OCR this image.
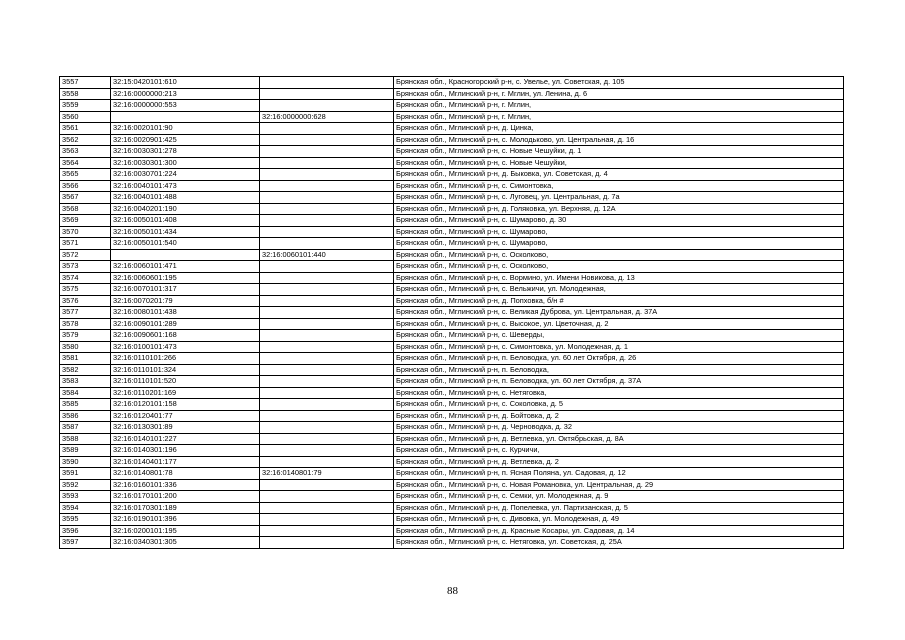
3557	32:15:0420101:610		Брянская обл., Красногорский р-н, с. Увелье, ул. Советская, д. 105
3558	32:16:0000000:213		Брянская обл., Мглинский р-н, г. Мглин, ул. Ленина, д. 6
3559	32:16:0000000:553		Брянская обл., Мглинский р-н, г. Мглин,
3560		32:16:0000000:628	Брянская обл., Мглинский р-н, г. Мглин,
3561	32:16:0020101:90		Брянская обл., Мглинский р-н, д. Цинка,
3562	32:16:0020901:425		Брянская обл., Мглинский р-н, с. Молодьково, ул. Центральная, д. 16
3563	32:16:0030301:278		Брянская обл., Мглинский р-н, с. Новые Чешуйки, д. 1
3564	32:16:0030301:300		Брянская обл., Мглинский р-н, с. Новые Чешуйки,
3565	32:16:0030701:224		Брянская обл., Мглинский р-н, д. Быковка, ул. Советская, д. 4
3566	32:16:0040101:473		Брянская обл., Мглинский р-н, с. Симонтовка,
3567	32:16:0040101:488		Брянская обл., Мглинский р-н, с. Луговец, ул. Центральная, д. 7а
3568	32:16:0040201:190		Брянская обл., Мглинский р-н, д. Голяковка, ул. Верхняя, д. 12А
3569	32:16:0050101:408		Брянская обл., Мглинский р-н, с. Шумарово, д. 30
3570	32:16:0050101:434		Брянская обл., Мглинский р-н, с. Шумарово,
3571	32:16:0050101:540		Брянская обл., Мглинский р-н, с. Шумарово,
3572		32:16:0060101:440	Брянская обл., Мглинский р-н, с. Осколково,
3573	32:16:0060101:471		Брянская обл., Мглинский р-н, с. Осколково,
3574	32:16:0060601:195		Брянская обл., Мглинский р-н, с. Вормино, ул. Имени Новикова, д. 13
3575	32:16:0070101:317		Брянская обл., Мглинский р-н, с. Вельжичи, ул. Молодежная,
3576	32:16:0070201:79		Брянская обл., Мглинский р-н, д. Попховка, б/н #
3577	32:16:0080101:438		Брянская обл., Мглинский р-н, с. Великая Дуброва, ул. Центральная, д. 37А
3578	32:16:0090101:289		Брянская обл., Мглинский р-н, с. Высокое, ул. Цветочная, д. 2
3579	32:16:0090601:168		Брянская обл., Мглинский р-н, с. Шеверды,
3580	32:16:0100101:473		Брянская обл., Мглинский р-н, с. Симонтовка, ул. Молодежная, д. 1
3581	32:16:0110101:266		Брянская обл., Мглинский р-н, п. Беловодка, ул. 60 лет Октября, д. 26
3582	32:16:0110101:324		Брянская обл., Мглинский р-н, п. Беловодка,
3583	32:16:0110101:520		Брянская обл., Мглинский р-н, п. Беловодка, ул. 60 лет Октября, д. 37А
3584	32:16:0110201:169		Брянская обл., Мглинский р-н, с. Нетяговка,
3585	32:16:0120101:158		Брянская обл., Мглинский р-н, с. Соколовка, д. 5
3586	32:16:0120401:77		Брянская обл., Мглинский р-н, д. Бойтовка, д. 2
3587	32:16:0130301:89		Брянская обл., Мглинский р-н, д. Черноводка, д. 32
3588	32:16:0140101:227		Брянская обл., Мглинский р-н, д. Ветлевка, ул. Октябрьская, д. 8А
3589	32:16:0140301:196		Брянская обл., Мглинский р-н, с. Курчичи,
3590	32:16:0140401:177		Брянская обл., Мглинский р-н, д. Ветлевка, д. 2
3591	32:16:0140801:78	32:16:0140801:79	Брянская обл., Мглинский р-н, п. Ясная Поляна, ул. Садовая, д. 12
3592	32:16:0160101:336		Брянская обл., Мглинский р-н, с. Новая Романовка, ул. Центральная, д. 29
3593	32:16:0170101:200		Брянская обл., Мглинский р-н, с. Семки, ул. Молодежная, д. 9
3594	32:16:0170301:189		Брянская обл., Мглинский р-н, д. Попелевка, ул. Партизанская, д. 5
3595	32:16:0190101:396		Брянская обл., Мглинский р-н, с. Дивовка, ул. Молодежная, д. 49
3596	32:16:0200101:195		Брянская обл., Мглинский р-н, д. Красные Косары, ул. Садовая, д. 14
3597	32:16:0340301:305		Брянская обл., Мглинский р-н, с. Нетяговка, ул. Советская, д. 25А
88
